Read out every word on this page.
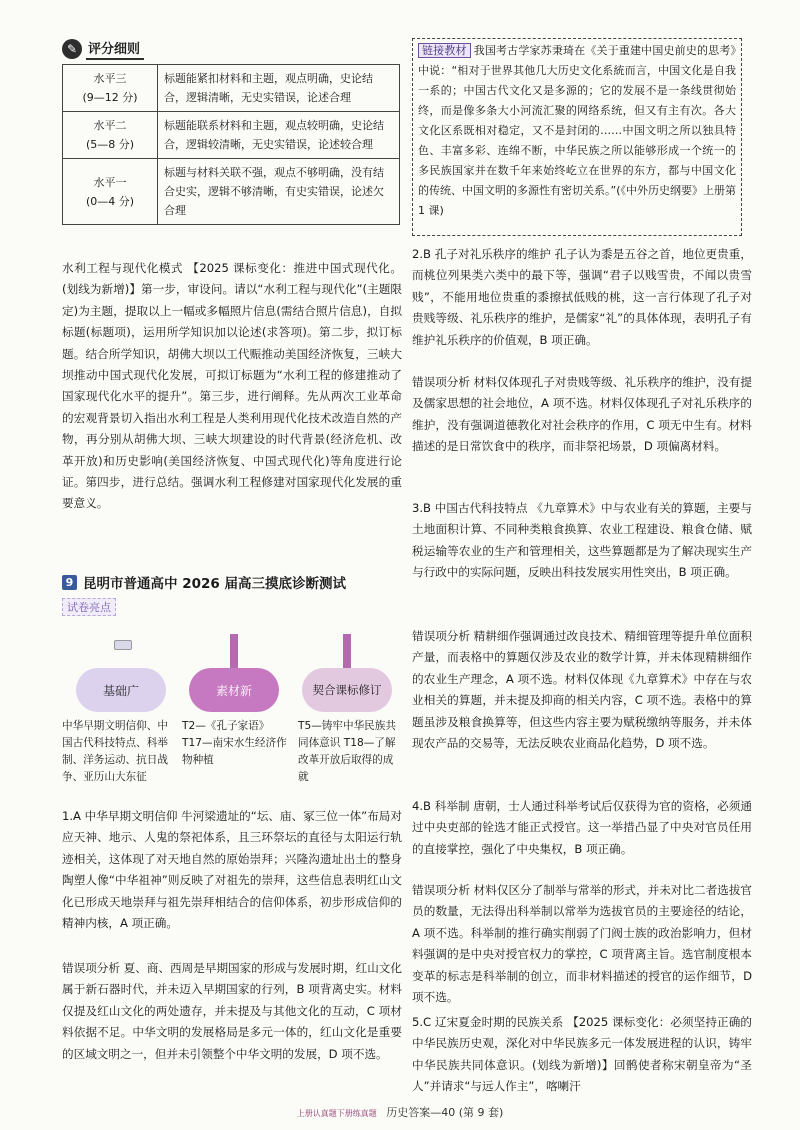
✎ 评分细则
水平三
(9—12 分)	标题能紧扣材料和主题，观点明确，史论结合，逻辑清晰，无史实错误，论述合理

水平二
(5—8 分)	标题能联系材料和主题，观点较明确，史论结合，逻辑较清晰，无史实错误，论述较合理

水平一
(0—4 分)	标题与材料关联不强，观点不够明确，没有结合史实，逻辑不够清晰，有史实错误，论述欠合理

水利工程与现代化模式 【2025 课标变化：推进中国式现代化。(划线为新增)】第一步，审设问。请以“水利工程与现代化”(主题限定)为主题，提取以上一幅或多幅照片信息(需结合照片信息)，自拟标题(标题项)，运用所学知识加以论述(求答项)。第二步，拟订标题。结合所学知识，胡佛大坝以工代赈推动美国经济恢复，三峡大坝推动中国式现代化发展，可拟订标题为“水利工程的修建推动了国家现代化水平的提升”。第三步，进行阐释。先从两次工业革命的宏观背景切入指出水利工程是人类利用现代化技术改造自然的产物，再分别从胡佛大坝、三峡大坝建设的时代背景(经济危机、改革开放)和历史影响(美国经济恢复、中国式现代化)等角度进行论证。第四步，进行总结。强调水利工程修建对国家现代化发展的重要意义。

9 昆明市普通高中 2026 届高三摸底诊断测试
试卷亮点
基础广	素材新	契合课标修订
中华早期文明信仰、中国古代科技特点、科举制、洋务运动、抗日战争、亚历山大东征
T2—《孔子家语》 T17—南宋水生经济作物种植
T5—铸牢中华民族共同体意识 T18—了解改革开放后取得的成就

1.A 中华早期文明信仰 牛河梁遗址的“坛、庙、冢三位一体”布局对应天神、地示、人鬼的祭祀体系，且三环祭坛的直径与太阳运行轨迹相关，这体现了对天地自然的原始崇拜；兴隆沟遗址出土的整身陶塑人像“中华祖神”则反映了对祖先的崇拜，这些信息表明红山文化已形成天地崇拜与祖先崇拜相结合的信仰体系，初步形成信仰的精神内核，A 项正确。

错误项分析 夏、商、西周是早期国家的形成与发展时期，红山文化属于新石器时代，并未迈入早期国家的行列，B 项背离史实。材料仅提及红山文化的两处遗存，并未提及与其他文化的互动，C 项材料依据不足。中华文明的发展格局是多元一体的，红山文化是重要的区域文明之一，但并未引领整个中华文明的发展，D 项不选。

链接教材 我国考古学家苏秉琦在《关于重建中国史前史的思考》中说：“相对于世界其他几大历史文化系統而言，中国文化是自我一系的；中国古代文化又是多源的；它的发展不是一条线贯彻始终，而是像多条大小河流汇聚的网络系统，但又有主有次。各大文化区系既相对稳定，又不是封闭的……中国文明之所以独具特色、丰富多彩、连绵不断，中华民族之所以能够形成一个统一的多民族国家并在数千年来始终屹立在世界的东方，都与中国文化的传统、中国文明的多源性有密切关系。”(《中外历史纲要》上册第 1 课)

2.B 孔子对礼乐秩序的维护 孔子认为黍是五谷之首，地位更贵重，而桃位列果类六类中的最下等，强调“君子以贱雪贵，不闻以贵雪贱”，不能用地位贵重的黍擦拭低贱的桃，这一言行体现了孔子对贵贱等级、礼乐秩序的维护，是儒家“礼”的具体体现，表明孔子有维护礼乐秩序的价值观，B 项正确。

错误项分析 材料仅体现孔子对贵贱等级、礼乐秩序的维护，没有提及儒家思想的社会地位，A 项不选。材料仅体现孔子对礼乐秩序的维护，没有强调道德教化对社会秩序的作用，C 项无中生有。材料描述的是日常饮食中的秩序，而非祭祀场景，D 项偏离材料。

3.B 中国古代科技特点 《九章算术》中与农业有关的算题，主要与土地面积计算、不同种类粮食换算、农业工程建设、粮食仓储、赋税运输等农业的生产和管理相关，这些算题都是为了解决现实生产与行政中的实际问题，反映出科技发展实用性突出，B 项正确。

错误项分析 精耕细作强调通过改良技术、精细管理等提升单位面积产量，而表格中的算题仅涉及农业的数学计算，并未体现精耕细作的农业生产理念，A 项不选。材料仅体现《九章算术》中存在与农业相关的算题，并未提及抑商的相关内容，C 项不选。表格中的算题虽涉及粮食换算等，但这些内容主要为赋税缴纳等服务，并未体现农产品的交易等，无法反映农业商品化趋势，D 项不选。

4.B 科举制 唐朝，士人通过科举考试后仅获得为官的资格，必须通过中央吏部的铨选才能正式授官。这一举措凸显了中央对官员任用的直接掌控，强化了中央集权，B 项正确。

错误项分析 材料仅区分了制举与常举的形式，并未对比二者选拔官员的数量，无法得出科举制以常举为选拔官员的主要途径的结论，A 项不选。科举制的推行确实削弱了门阀士族的政治影响力，但材料强调的是中央对授官权力的掌控，C 项背离主旨。选官制度根本变革的标志是科举制的创立，而非材料描述的授官的运作细节，D 项不选。

5.C 辽宋夏金时期的民族关系 【2025 课标变化：必须坚持正确的中华民族历史观，深化对中华民族多元一体发展进程的认识，铸牢中华民族共同体意识。(划线为新增)】回鹘使者称宋朝皇帝为“圣人”并请求“与远人作主”，喀喇汗

上册认真题下册练真题 历史答案—40 (第 9 套)
